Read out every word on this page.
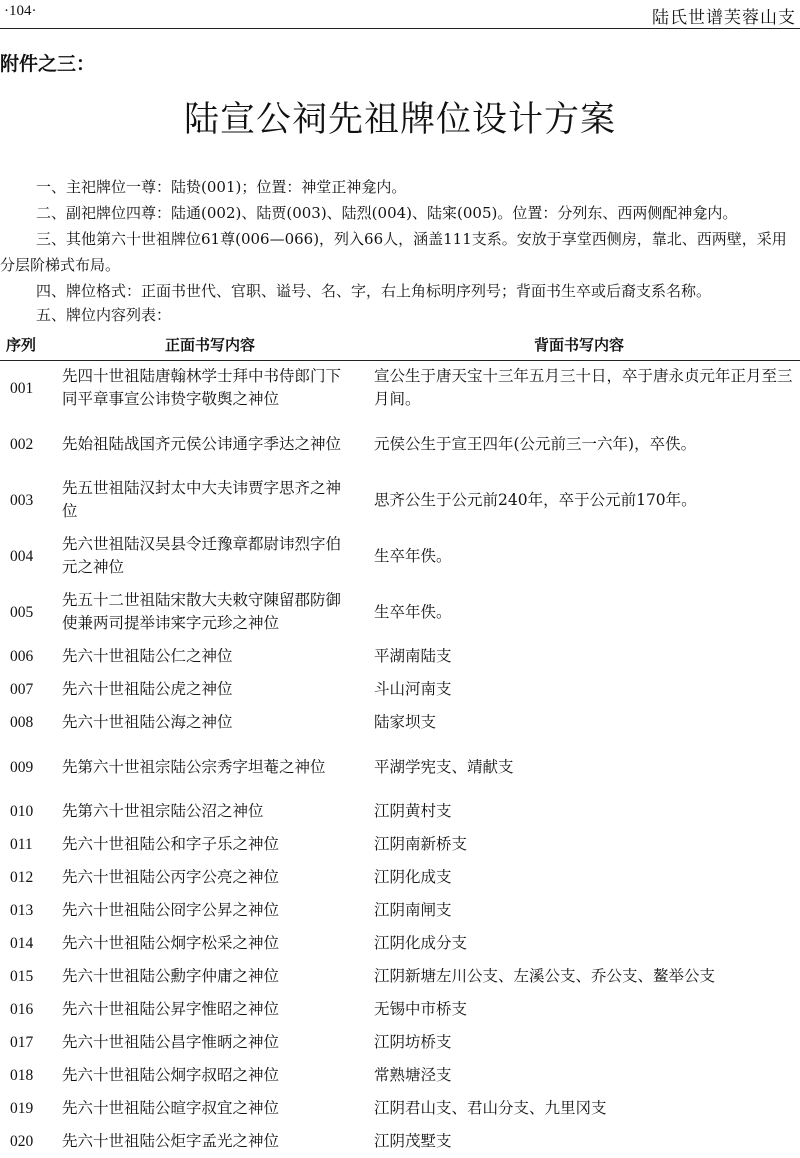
·104·	陆氏世谱芙蓉山支
附件之三：
陆宣公祠先祖牌位设计方案

一、主祀牌位一尊：陆贽(001)；位置：神堂正神龛内。

二、副祀牌位四尊：陆通(002)、陆贾(003)、陆烈(004)、陆宷(005)。位置：分列东、西两侧配神龛内。

三、其他第六十世祖牌位61尊(006—066)，列入66人，涵盖111支系。安放于享堂西侧房，靠北、西两壁，采用分层阶梯式布局。

四、牌位格式：正面书世代、官职、谥号、名、字，右上角标明序列号；背面书生卒或后裔支系名称。

五、牌位内容列表：
序列	正面书写内容	背面书写内容
001	先四十世祖陆唐翰林学士拜中书侍郎门下同平章事宣公讳贽字敬舆之神位	宣公生于唐天宝十三年五月三十日，卒于唐永贞元年正月至三月间。
002	先始祖陆战国齐元侯公讳通字季达之神位	元侯公生于宣王四年(公元前三一六年)，卒佚。
003	先五世祖陆汉封太中大夫讳贾字思齐之神位	思齐公生于公元前240年，卒于公元前170年。
004	先六世祖陆汉吴县令迁豫章都尉讳烈字伯元之神位	生卒年佚。
005	先五十二世祖陆宋散大夫敕守陳留郡防御使兼两司提举讳宷字元珍之神位	生卒年佚。
006	先六十世祖陆公仁之神位	平湖南陆支
007	先六十世祖陆公虎之神位	斗山河南支
008	先六十世祖陆公海之神位	陆家坝支
009	先第六十世祖宗陆公宗秀字坦菴之神位	平湖学宪支、靖献支
010	先第六十世祖宗陆公沼之神位	江阴黄村支
011	先六十世祖陆公和字子乐之神位	江阴南新桥支
012	先六十世祖陆公丙字公亮之神位	江阴化成支
013	先六十世祖陆公冏字公昇之神位	江阴南闸支
014	先六十世祖陆公炯字松采之神位	江阴化成分支
015	先六十世祖陆公勳字仲庸之神位	江阴新塘左川公支、左溪公支、乔公支、鳌举公支
016	先六十世祖陆公昇字惟昭之神位	无锡中市桥支
017	先六十世祖陆公昌字惟昞之神位	江阴坊桥支
018	先六十世祖陆公炯字叔昭之神位	常熟塘泾支
019	先六十世祖陆公暄字叔宜之神位	江阴君山支、君山分支、九里冈支
020	先六十世祖陆公炬字孟光之神位	江阴茂墅支
